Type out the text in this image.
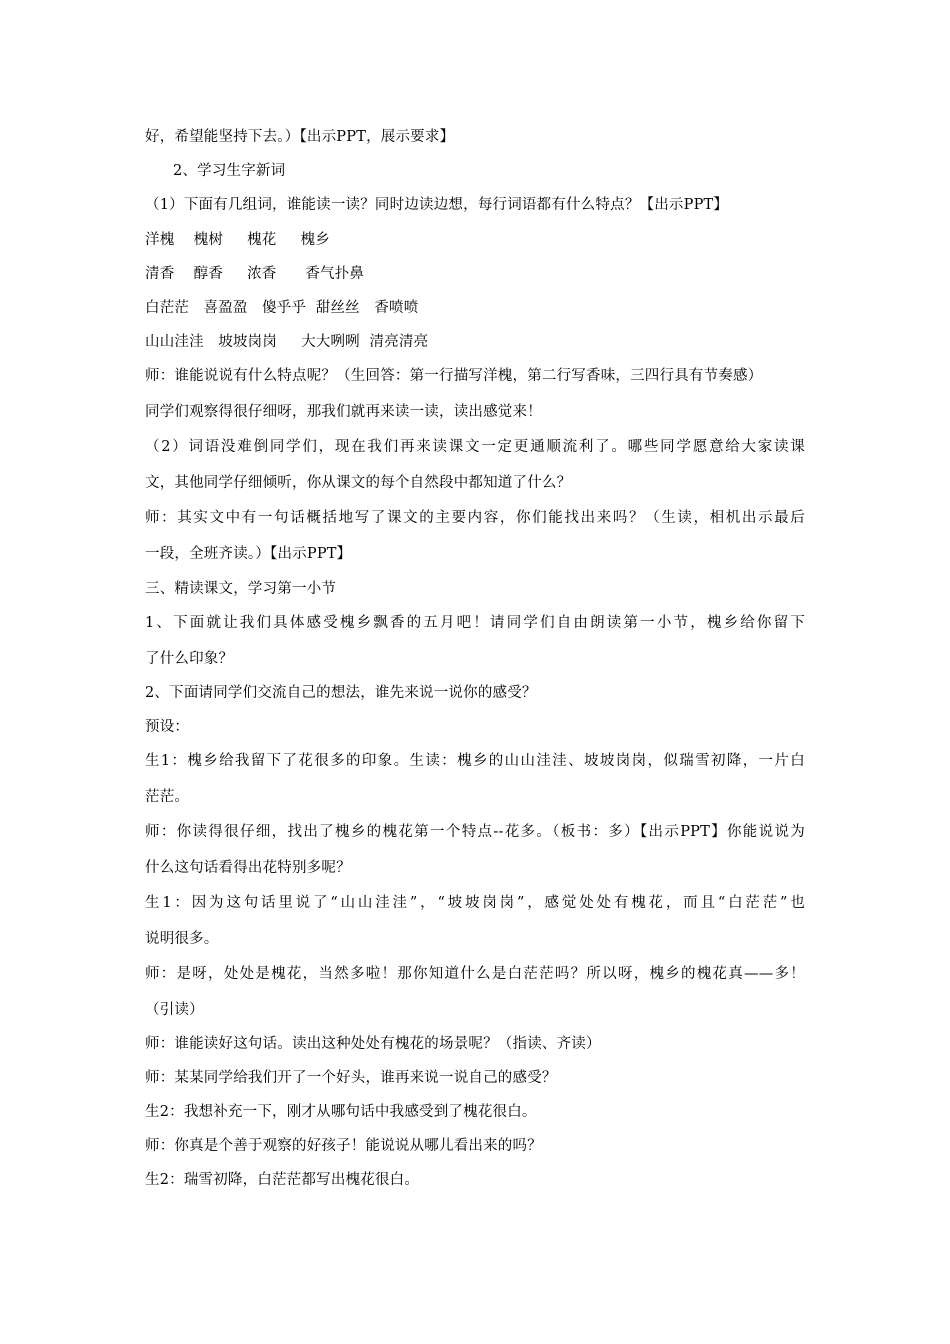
好，希望能坚持下去。）【出示PPT，展示要求】
2、学习生字新词
（1）下面有几组词，谁能读一读？同时边读边想，每行词语都有什么特点？【出示PPT】
洋槐    槐树     槐花     槐乡
清香    醇香     浓香      香气扑鼻
白茫茫   喜盈盈   傻乎乎  甜丝丝   香喷喷
山山洼洼   坡坡岗岗     大大咧咧  清亮清亮
师：谁能说说有什么特点呢？（生回答：第一行描写洋槐，第二行写香味，三四行具有节奏感）
同学们观察得很仔细呀，那我们就再来读一读，读出感觉来！
（2）词语没难倒同学们，现在我们再来读课文一定更通顺流利了。哪些同学愿意给大家读课
文，其他同学仔细倾听，你从课文的每个自然段中都知道了什么？
师：其实文中有一句话概括地写了课文的主要内容，你们能找出来吗？（生读，相机出示最后
一段，全班齐读。）【出示PPT】
三、精读课文，学习第一小节
1、下面就让我们具体感受槐乡飘香的五月吧！请同学们自由朗读第一小节，槐乡给你留下
了什么印象？
2、下面请同学们交流自己的想法，谁先来说一说你的感受？
预设：
生1：槐乡给我留下了花很多的印象。生读：槐乡的山山洼洼、坡坡岗岗，似瑞雪初降，一片白
茫茫。
师：你读得很仔细，找出了槐乡的槐花第一个特点--花多。（板书：多）【出示PPT】你能说说为
什么这句话看得出花特别多呢？
生1：因为这句话里说了“山山洼洼”，“坡坡岗岗”，感觉处处有槐花，而且“白茫茫”也
说明很多。
师：是呀，处处是槐花，当然多啦！那你知道什么是白茫茫吗？所以呀，槐乡的槐花真——多！
（引读）
师：谁能读好这句话。读出这种处处有槐花的场景呢？（指读、齐读）
师：某某同学给我们开了一个好头，谁再来说一说自己的感受？
生2：我想补充一下，刚才从哪句话中我感受到了槐花很白。
师：你真是个善于观察的好孩子！能说说从哪儿看出来的吗？
生2：瑞雪初降，白茫茫都写出槐花很白。
